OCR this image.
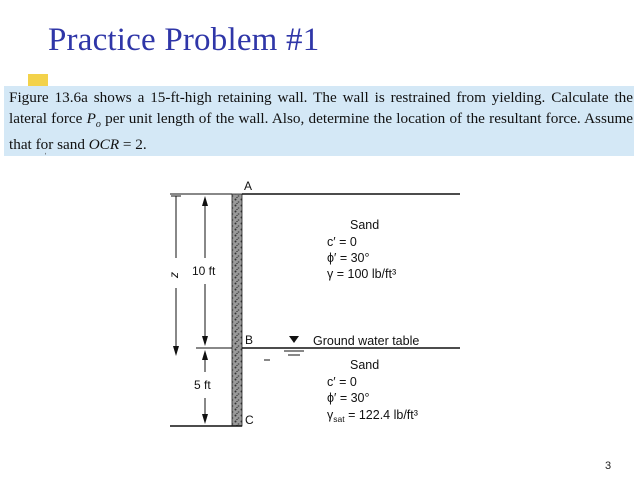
Practice Problem #1
Figure 13.6a shows a 15-ft-high retaining wall. The wall is restrained from yielding. Calculate the lateral force $P_o$ per unit length of the wall. Also, determine the location of the resultant force. Assume that for sand OCR = 2.
ˈ
z 10 ft
5 ft
A
B
C
Ground water table
Sand
c′ = 0
ϕ′ = 30°
γ = 100 lb/ft³
Sand
c′ = 0
ϕ′ = 30°
$\gamma_{sat} = 122.4$ lb/ft³
3
